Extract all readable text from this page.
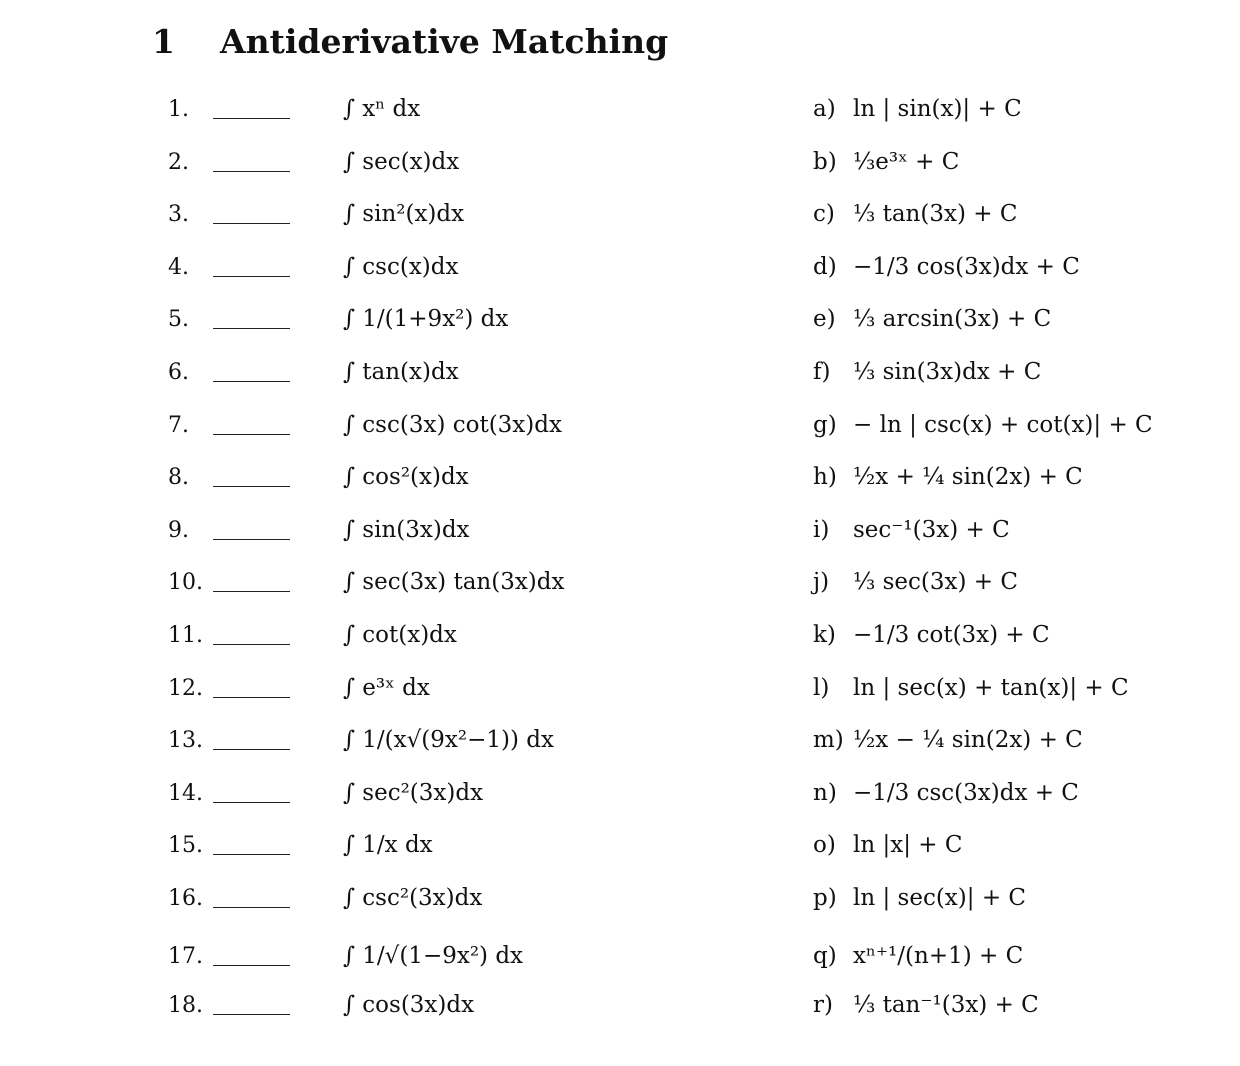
1 Antiderivative Matching
1.	∫ xⁿ dx
2.	∫ sec(x)dx
3.	∫ sin²(x)dx
4.	∫ csc(x)dx
5.	∫ 1/(1+9x²) dx
6.	∫ tan(x)dx
7.	∫ csc(3x) cot(3x)dx
8.	∫ cos²(x)dx
9.	∫ sin(3x)dx
10.	∫ sec(3x) tan(3x)dx
11.	∫ cot(x)dx
12.	∫ e³ˣ dx
13.	∫ 1/(x√(9x²−1)) dx
14.	∫ sec²(3x)dx
15.	∫ 1/x dx
16.	∫ csc²(3x)dx
17.	∫ 1/√(1−9x²) dx
18.	∫ cos(3x)dx
a) ln | sin(x)| + C
b) ⅓e³ˣ + C
c) ⅓ tan(3x) + C
d) −1/3 cos(3x)dx + C
e) ⅓ arcsin(3x) + C
f) ⅓ sin(3x)dx + C
g) − ln | csc(x) + cot(x)| + C
h) ½x + ¼ sin(2x) + C
i) sec⁻¹(3x) + C
j) ⅓ sec(3x) + C
k) −1/3 cot(3x) + C
l) ln | sec(x) + tan(x)| + C
m) ½x − ¼ sin(2x) + C
n) −1/3 csc(3x)dx + C
o) ln |x| + C
p) ln | sec(x)| + C
q) xⁿ⁺¹/(n+1) + C
r) ⅓ tan⁻¹(3x) + C
